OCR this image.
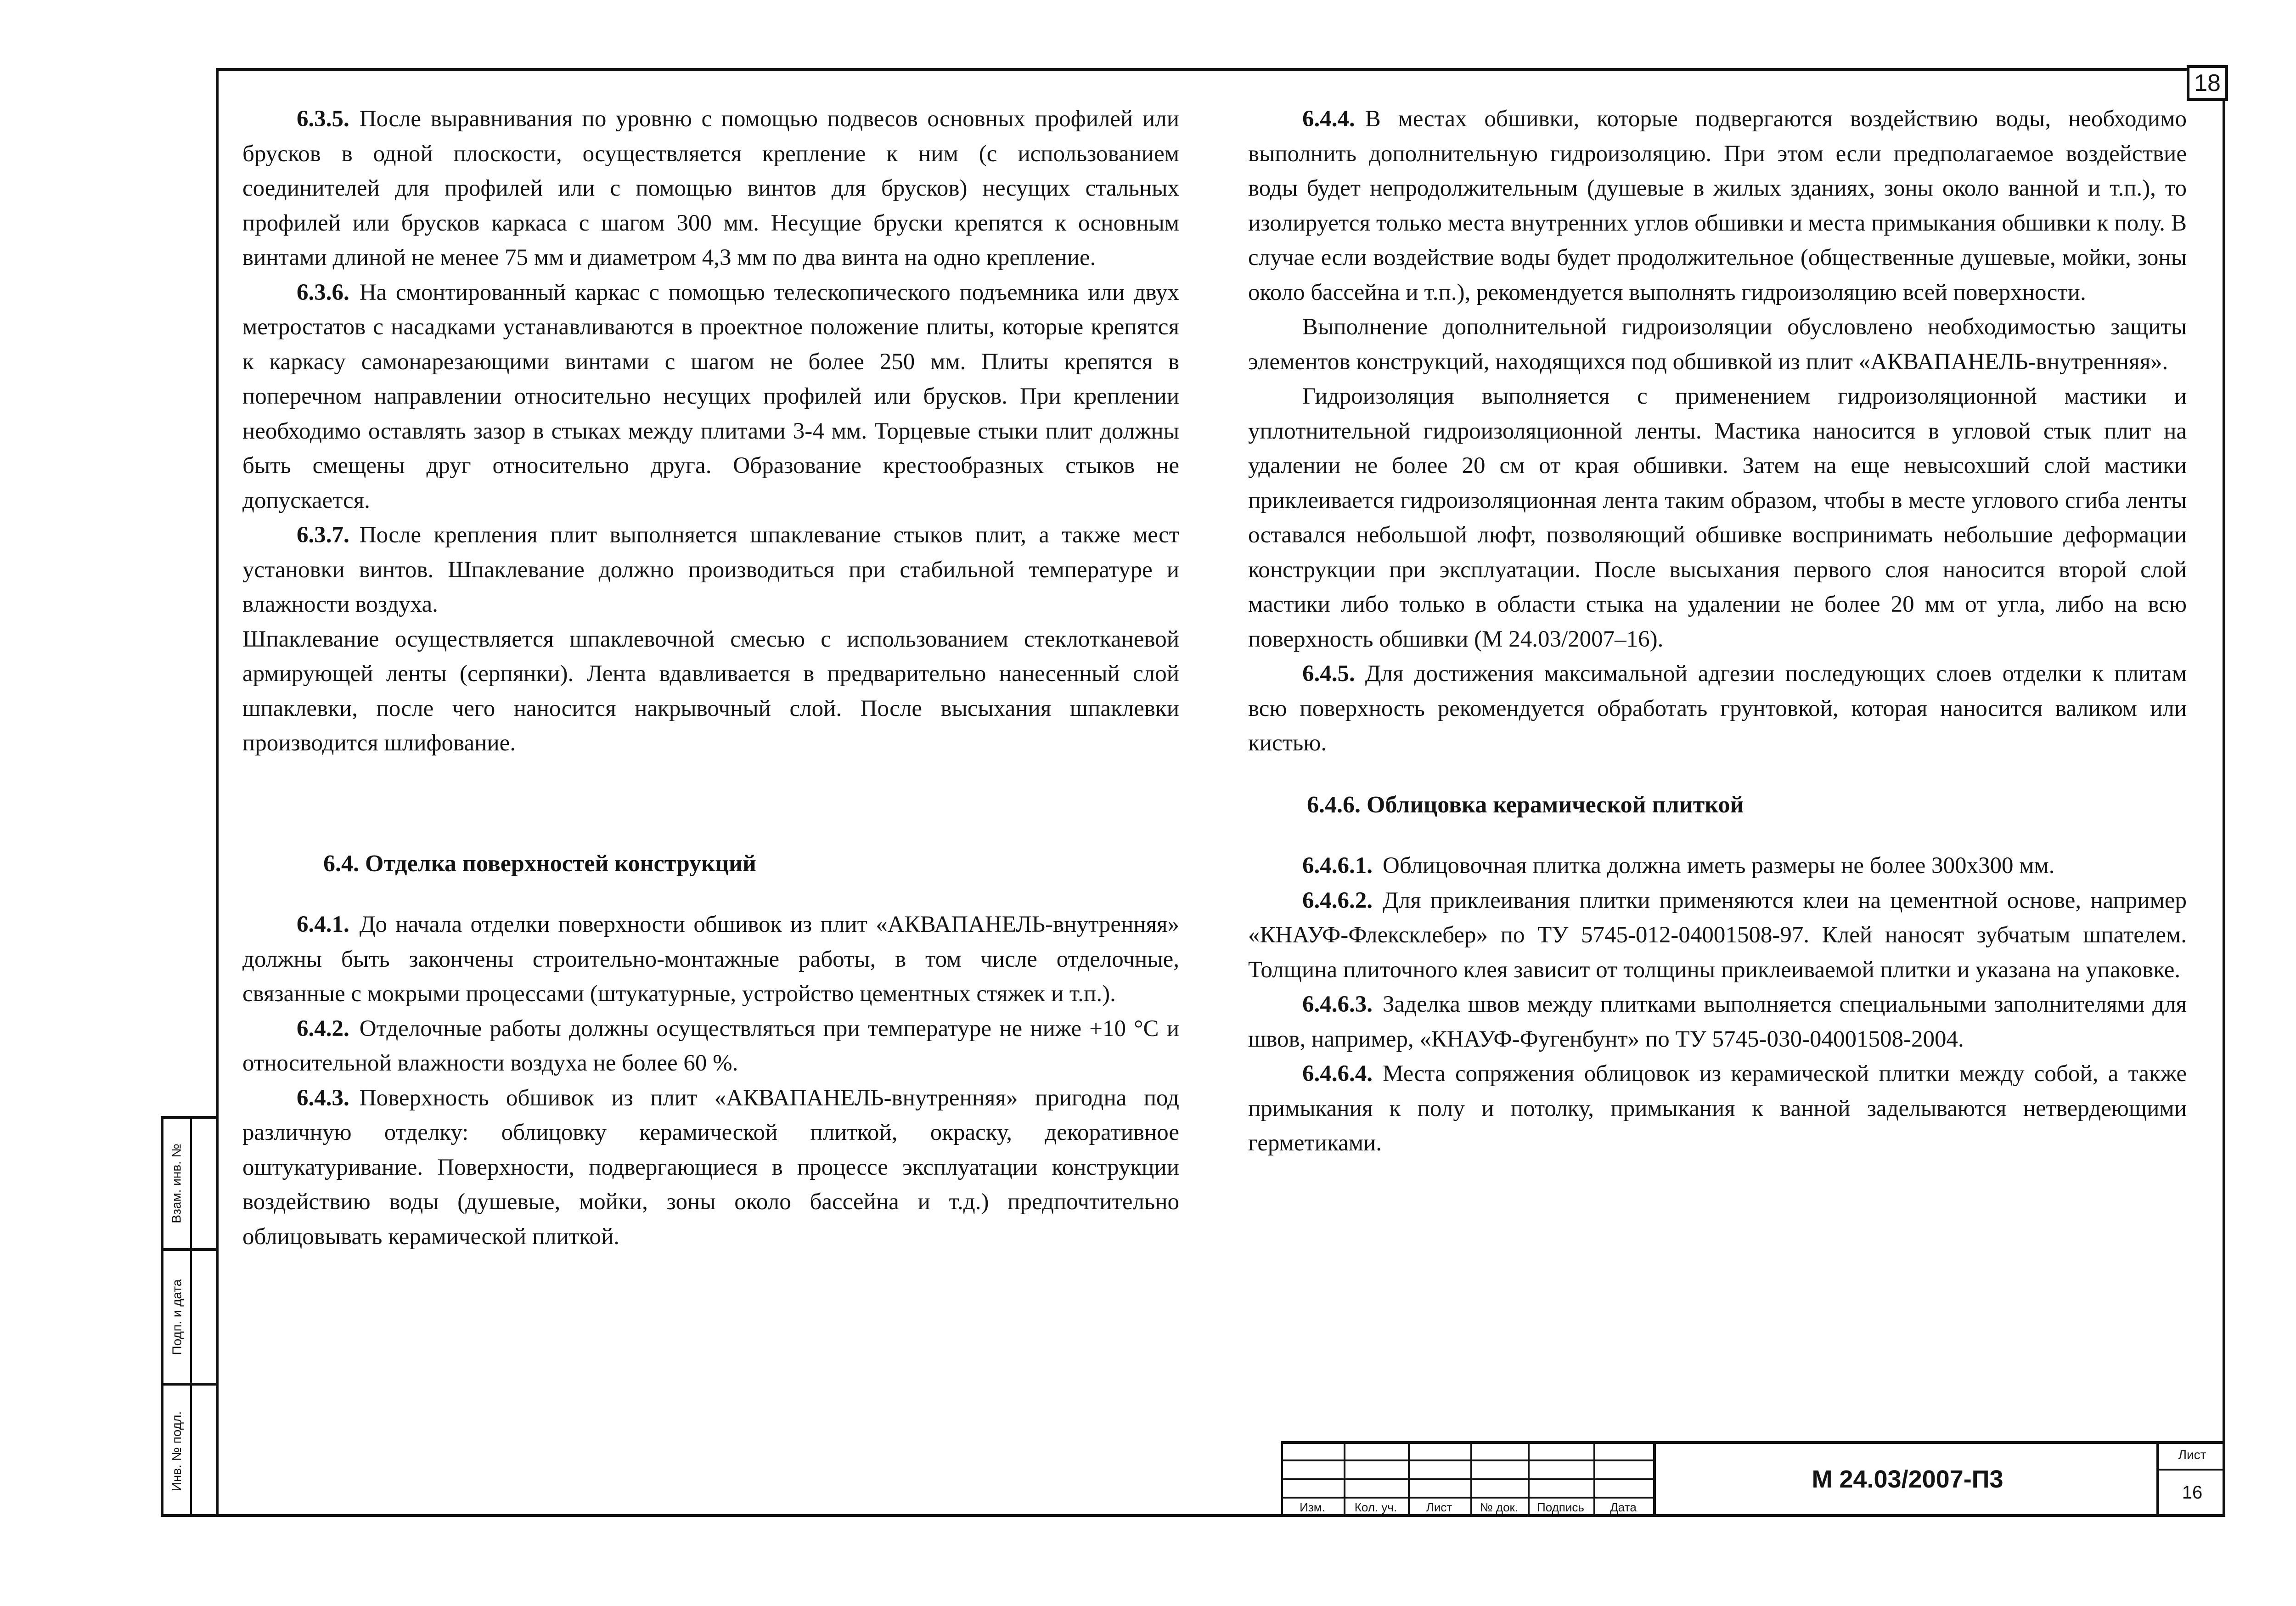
18
Взам. инв. №
Подп. и дата
Инв. № подл.

6.3.5. После выравнивания по уровню с помощью подвесов основных профилей или брусков в одной плоскости, осуществляется крепление к ним (с использованием соединителей для профилей или с помощью винтов для брусков) несущих стальных профилей или брусков каркаса с шагом 300 мм. Несущие бруски крепятся к основным винтами длиной не менее 75 мм и диаметром 4,3 мм по два винта на одно крепление.

6.3.6. На смонтированный каркас с помощью телескопического подъемника или двух метростатов с насадками устанавливаются в проектное положение плиты, которые крепятся к каркасу самонарезающими винтами с шагом не более 250 мм. Плиты крепятся в поперечном направлении относительно несущих профилей или брусков. При креплении необходимо оставлять зазор в стыках между плитами 3-4 мм. Торцевые стыки плит должны быть смещены друг относительно друга. Образование крестообразных стыков не допускается.

6.3.7. После крепления плит выполняется шпаклевание стыков плит, а также мест установки винтов. Шпаклевание должно производиться при стабильной температуре и влажности воздуха.

Шпаклевание осуществляется шпаклевочной смесью с использованием стеклотканевой армирующей ленты (серпянки). Лента вдавливается в предварительно нанесенный слой шпаклевки, после чего наносится накрывочный слой. После высыхания шпаклевки производится шлифование.

6.4. Отделка поверхностей конструкций

6.4.1. До начала отделки поверхности обшивок из плит «АКВАПАНЕЛЬ-внутренняя» должны быть закончены строительно-монтажные работы, в том числе отделочные, связанные с мокрыми процессами (штукатурные, устройство цементных стяжек и т.п.).

6.4.2. Отделочные работы должны осуществляться при температуре не ниже +10 °С и относительной влажности воздуха не более 60 %.

6.4.3. Поверхность обшивок из плит «АКВАПАНЕЛЬ-внутренняя» пригодна под различную отделку: облицовку керамической плиткой, окраску, декоративное оштукатуривание. Поверхности, подвергающиеся в процессе эксплуатации конструкции воздействию воды (душевые, мойки, зоны около бассейна и т.д.) предпочтительно облицовывать керамической плиткой.

6.4.4. В местах обшивки, которые подвергаются воздействию воды, необходимо выполнить дополнительную гидроизоляцию. При этом если предполагаемое воздействие воды будет непродолжительным (душевые в жилых зданиях, зоны около ванной и т.п.), то изолируется только места внутренних углов обшивки и места примыкания обшивки к полу. В случае если воздействие воды будет продолжительное (общественные душевые, мойки, зоны около бассейна и т.п.), рекомендуется выполнять гидроизоляцию всей поверхности.

Выполнение дополнительной гидроизоляции обусловлено необходимостью защиты элементов конструкций, находящихся под обшивкой из плит «АКВАПАНЕЛЬ-внутренняя».

Гидроизоляция выполняется с применением гидроизоляционной мастики и уплотнительной гидроизоляционной ленты. Мастика наносится в угловой стык плит на удалении не более 20 см от края обшивки. Затем на еще невысохший слой мастики приклеивается гидроизоляционная лента таким образом, чтобы в месте углового сгиба ленты оставался небольшой люфт, позволяющий обшивке воспринимать небольшие деформации конструкции при эксплуатации. После высыхания первого слоя наносится второй слой мастики либо только в области стыка на удалении не более 20 мм от угла, либо на всю поверхность обшивки (М 24.03/2007–16).

6.4.5. Для достижения максимальной адгезии последующих слоев отделки к плитам всю поверхность рекомендуется обработать грунтовкой, которая наносится валиком или кистью.

6.4.6. Облицовка керамической плиткой

6.4.6.1. Облицовочная плитка должна иметь размеры не более 300х300 мм.

6.4.6.2. Для приклеивания плитки применяются клеи на цементной основе, например «КНАУФ-Флексклебер» по ТУ 5745-012-04001508-97. Клей наносят зубчатым шпателем. Толщина плиточного клея зависит от толщины приклеиваемой плитки и указана на упаковке.

6.4.6.3. Заделка швов между плитками выполняется специальными заполнителями для швов, например, «КНАУФ-Фугенбунт» по ТУ 5745-030-04001508-2004.

6.4.6.4. Места сопряжения облицовок из керамической плитки между собой, а также примыкания к полу и потолку, примыкания к ванной заделываются нетвердеющими герметиками.

Изм.	Кол. уч.	Лист	№ док.	Подпись	Дата
М 24.03/2007-П3
Лист
16
